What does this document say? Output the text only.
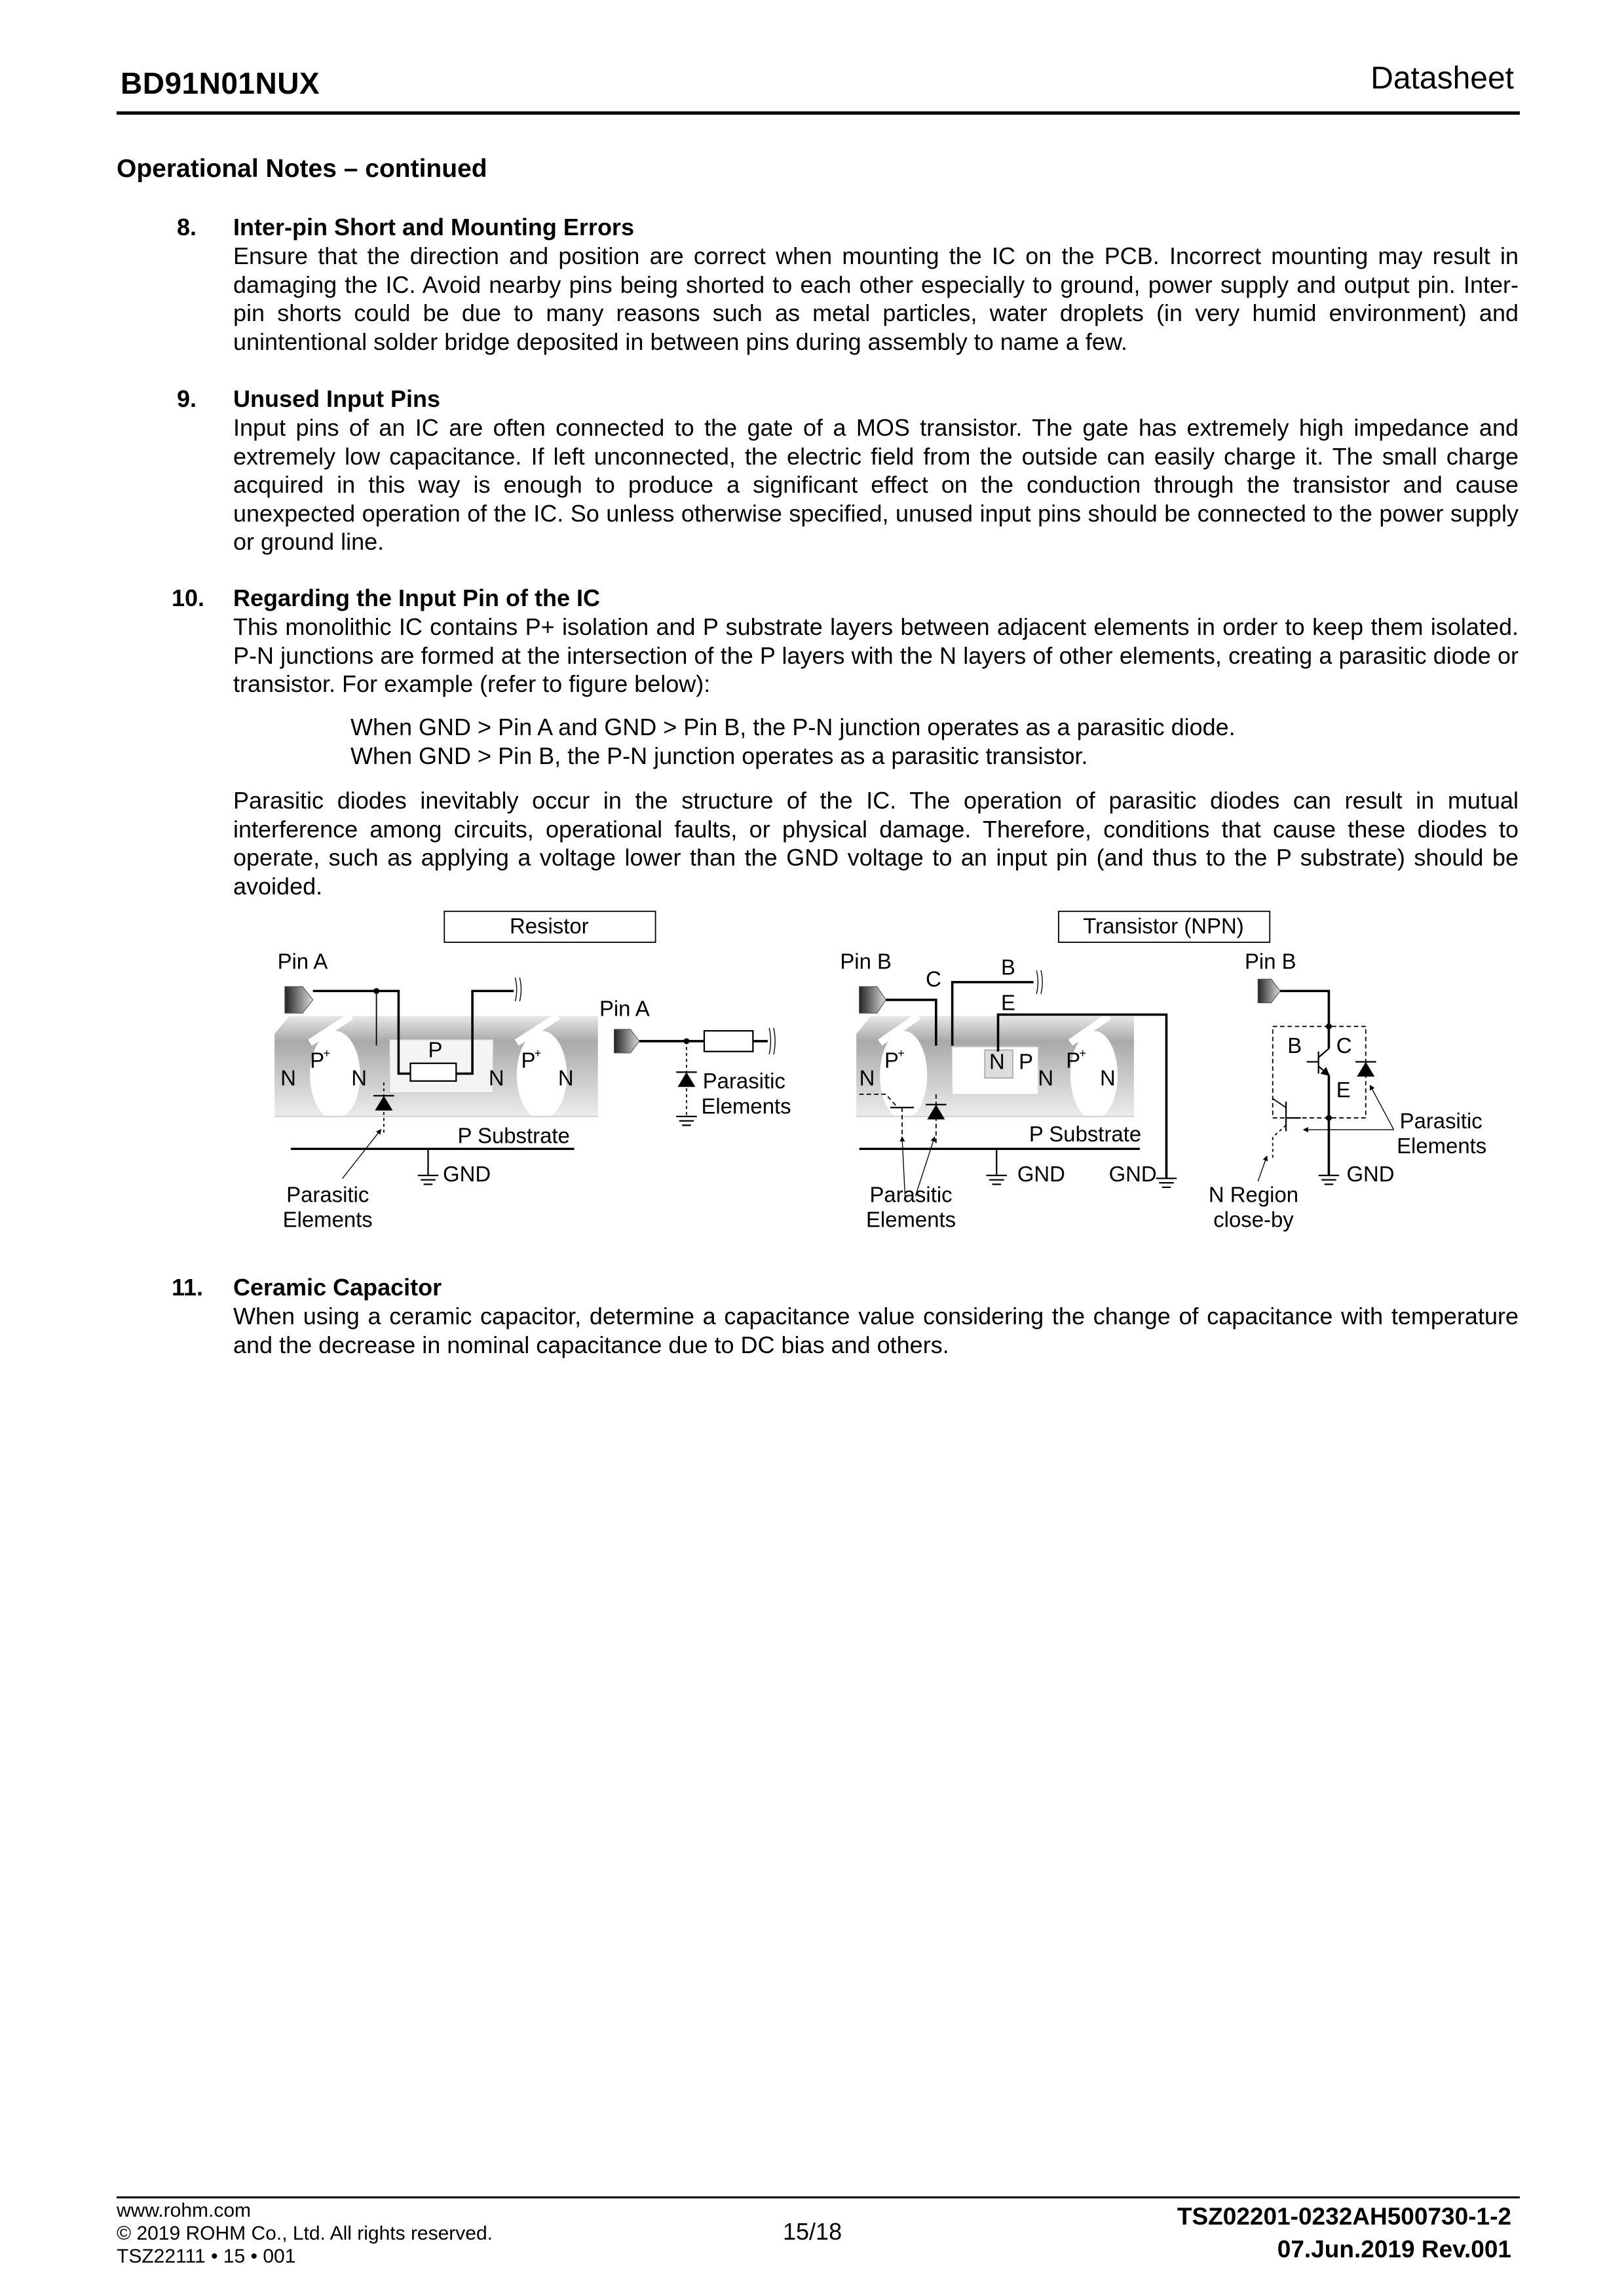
BD91N01NUX	Datasheet
Operational Notes – continued
8. Inter-pin Short and Mounting Errors

Ensure that the direction and position are correct when mounting the IC on the PCB. Incorrect mounting may result in damaging the IC. Avoid nearby pins being shorted to each other especially to ground, power supply and output pin. Inter-pin shorts could be due to many reasons such as metal particles, water droplets (in very humid environment) and unintentional solder bridge deposited in between pins during assembly to name a few.

9. Unused Input Pins

Input pins of an IC are often connected to the gate of a MOS transistor. The gate has extremely high impedance and extremely low capacitance. If left unconnected, the electric field from the outside can easily charge it. The small charge acquired in this way is enough to produce a significant effect on the conduction through the transistor and cause unexpected operation of the IC. So unless otherwise specified, unused input pins should be connected to the power supply or ground line.

10. Regarding the Input Pin of the IC

This monolithic IC contains P+ isolation and P substrate layers between adjacent elements in order to keep them isolated. P-N junctions are formed at the intersection of the P layers with the N layers of other elements, creating a parasitic diode or transistor. For example (refer to figure below):

When GND > Pin A and GND > Pin B, the P-N junction operates as a parasitic diode.

When GND > Pin B, the P-N junction operates as a parasitic transistor.

Parasitic diodes inevitably occur in the structure of the IC. The operation of parasitic diodes can result in mutual interference among circuits, operational faults, or physical damage. Therefore, conditions that cause these diodes to operate, such as applying a voltage lower than the GND voltage to an input pin (and thus to the P substrate) should be avoided.

Resistor
N
P
+
N	N
P
+
N
P
Pin A
P Substrate
GND
Parasitic
Elements
Pin A
Parasitic
Elements
Transistor (NPN)
N
P
+	N P
N
P
+
N
Pin B
C	B
E
P Substrate
GND	GND
Parasitic
Elements
Pin B
B	C
E
GND
Parasitic
Elements
N Region
close-by
11. Ceramic Capacitor

When using a ceramic capacitor, determine a capacitance value considering the change of capacitance with temperature and the decrease in nominal capacitance due to DC bias and others.

www.rohm.com
© 2019 ROHM Co., Ltd. All rights reserved.
TSZ22111 • 15 • 001
15/18
TSZ02201-0232AH500730-1-2
07.Jun.2019 Rev.001
